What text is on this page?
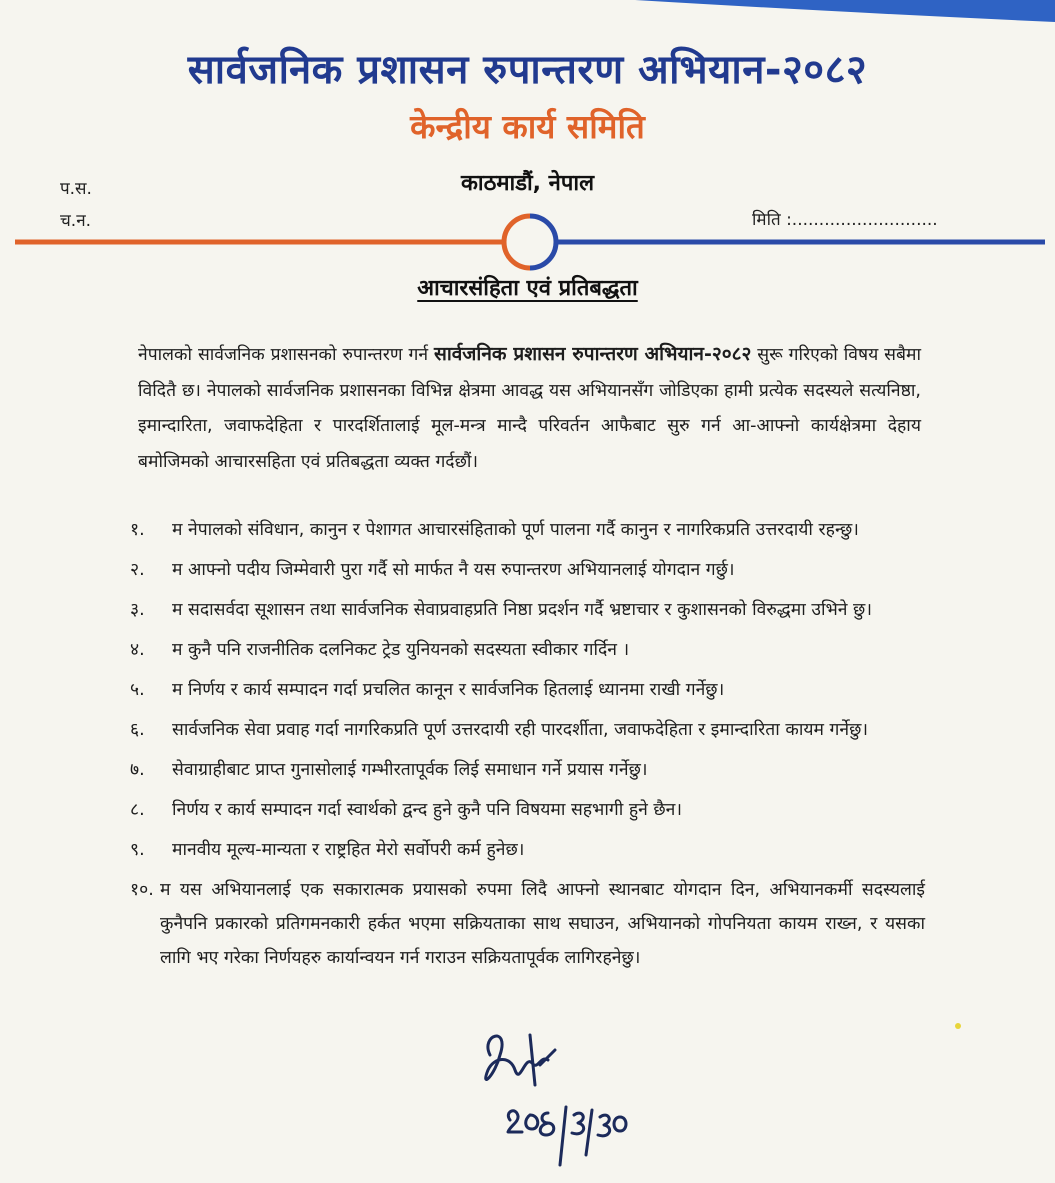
सार्वजनिक प्रशासन रुपान्तरण अभियान-२०८२
केन्द्रीय कार्य समिति
काठमाडौं, नेपाल
प.स.
च.न.	मिति :...........................
आचारसंहिता एवं प्रतिबद्धता

नेपालको सार्वजनिक प्रशासनको रुपान्तरण गर्न सार्वजनिक प्रशासन रुपान्तरण अभियान-२०८२ सुरू गरिएको विषय सबैमा विदितै छ। नेपालको सार्वजनिक प्रशासनका विभिन्न क्षेत्रमा आवद्ध यस अभियानसँग जोडिएका हामी प्रत्येक सदस्यले सत्यनिष्ठा, इमान्दारिता, जवाफदेहिता र पारदर्शितालाई मूल-मन्त्र मान्दै परिवर्तन आफैबाट सुरु गर्न आ-आफ्नो कार्यक्षेत्रमा देहाय बमोजिमको आचारसहिता एवं प्रतिबद्धता व्यक्त गर्दछौं।

१. म नेपालको संविधान, कानुन र पेशागत आचारसंहिताको पूर्ण पालना गर्दै कानुन र नागरिकप्रति उत्तरदायी रहन्छु।
२. म आफ्नो पदीय जिम्मेवारी पुरा गर्दै सो मार्फत नै यस रुपान्तरण अभियानलाई योगदान गर्छु।
३. म सदासर्वदा सूशासन तथा सार्वजनिक सेवाप्रवाहप्रति निष्ठा प्रदर्शन गर्दै भ्रष्टाचार र कुशासनको विरुद्धमा उभिने छु।
४. म कुनै पनि राजनीतिक दलनिकट ट्रेड युनियनको सदस्यता स्वीकार गर्दिन ।
५. म निर्णय र कार्य सम्पादन गर्दा प्रचलित कानून र सार्वजनिक हितलाई ध्यानमा राखी गर्नेछु।
६. सार्वजनिक सेवा प्रवाह गर्दा नागरिकप्रति पूर्ण उत्तरदायी रही पारदर्शीता, जवाफदेहिता र इमान्दारिता कायम गर्नेछु।
७. सेवाग्राहीबाट प्राप्त गुनासोलाई गम्भीरतापूर्वक लिई समाधान गर्ने प्रयास गर्नेछु।
८. निर्णय र कार्य सम्पादन गर्दा स्वार्थको द्वन्द हुने कुनै पनि विषयमा सहभागी हुने छैन।
९. मानवीय मूल्य-मान्यता र राष्ट्रहित मेरो सर्वोपरी कर्म हुनेछ।
१०. म यस अभियानलाई एक सकारात्मक प्रयासको रुपमा लिदै आफ्नो स्थानबाट योगदान दिन, अभियानकर्मी सदस्यलाई कुनैपनि प्रकारको प्रतिगमनकारी हर्कत भएमा सक्रियताका साथ सघाउन, अभियानको गोपनियता कायम राख्न, र यसका लागि भए गरेका निर्णयहरु कार्यान्वयन गर्न गराउन सक्रियतापूर्वक लागिरहनेछु।
